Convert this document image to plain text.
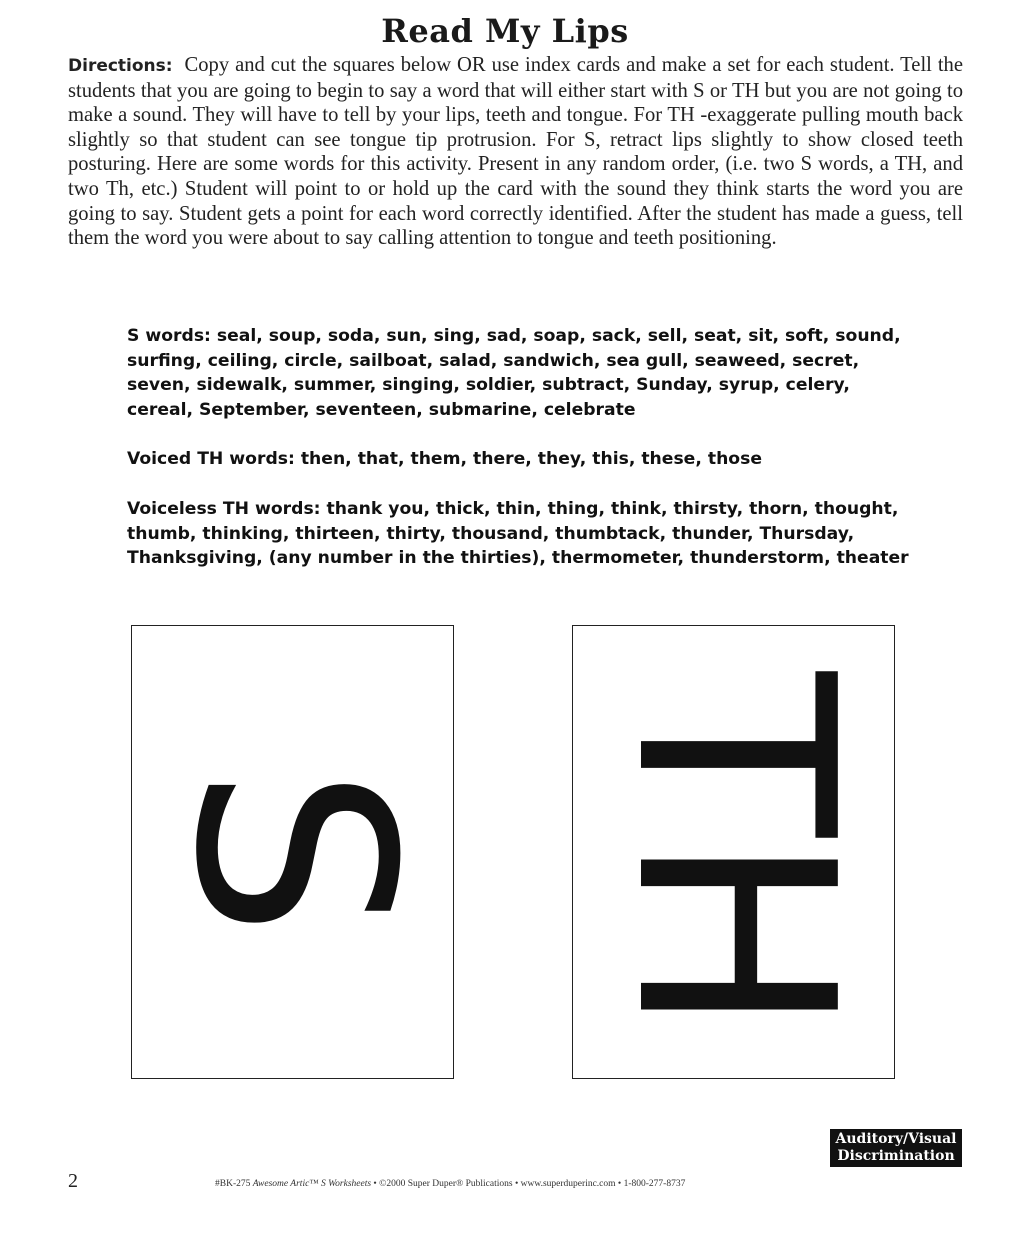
Read My Lips
Directions: Copy and cut the squares below OR use index cards and make a set for each student. Tell the students that you are going to begin to say a word that will either start with S or TH but you are not going to make a sound. They will have to tell by your lips, teeth and tongue. For TH -exaggerate pulling mouth back slightly so that student can see tongue tip protrusion. For S, retract lips slightly to show closed teeth posturing. Here are some words for this activity. Present in any random order, (i.e. two S words, a TH, and two Th, etc.) Student will point to or hold up the card with the sound they think starts the word you are going to say. Student gets a point for each word correctly identified. After the student has made a guess, tell them the word you were about to say calling attention to tongue and teeth positioning.

S words: seal, soup, soda, sun, sing, sad, soap, sack, sell, seat, sit, soft, sound, surfing, ceiling, circle, sailboat, salad, sandwich, sea gull, seaweed, secret, seven, sidewalk, summer, singing, soldier, subtract, Sunday, syrup, celery, cereal, September, seventeen, submarine, celebrate

Voiced TH words: then, that, them, there, they, this, these, those

Voiceless TH words: thank you, thick, thin, thing, think, thirsty, thorn, thought, thumb, thinking, thirteen, thirty, thousand, thumbtack, thunder, Thursday, Thanksgiving, (any number in the thirties), thermometer, thunderstorm, theater

S TH
Auditory/Visual
Discrimination
2	#BK-275 Awesome Artic™ S Worksheets • ©2000 Super Duper® Publications • www.superduperinc.com • 1-800-277-8737
